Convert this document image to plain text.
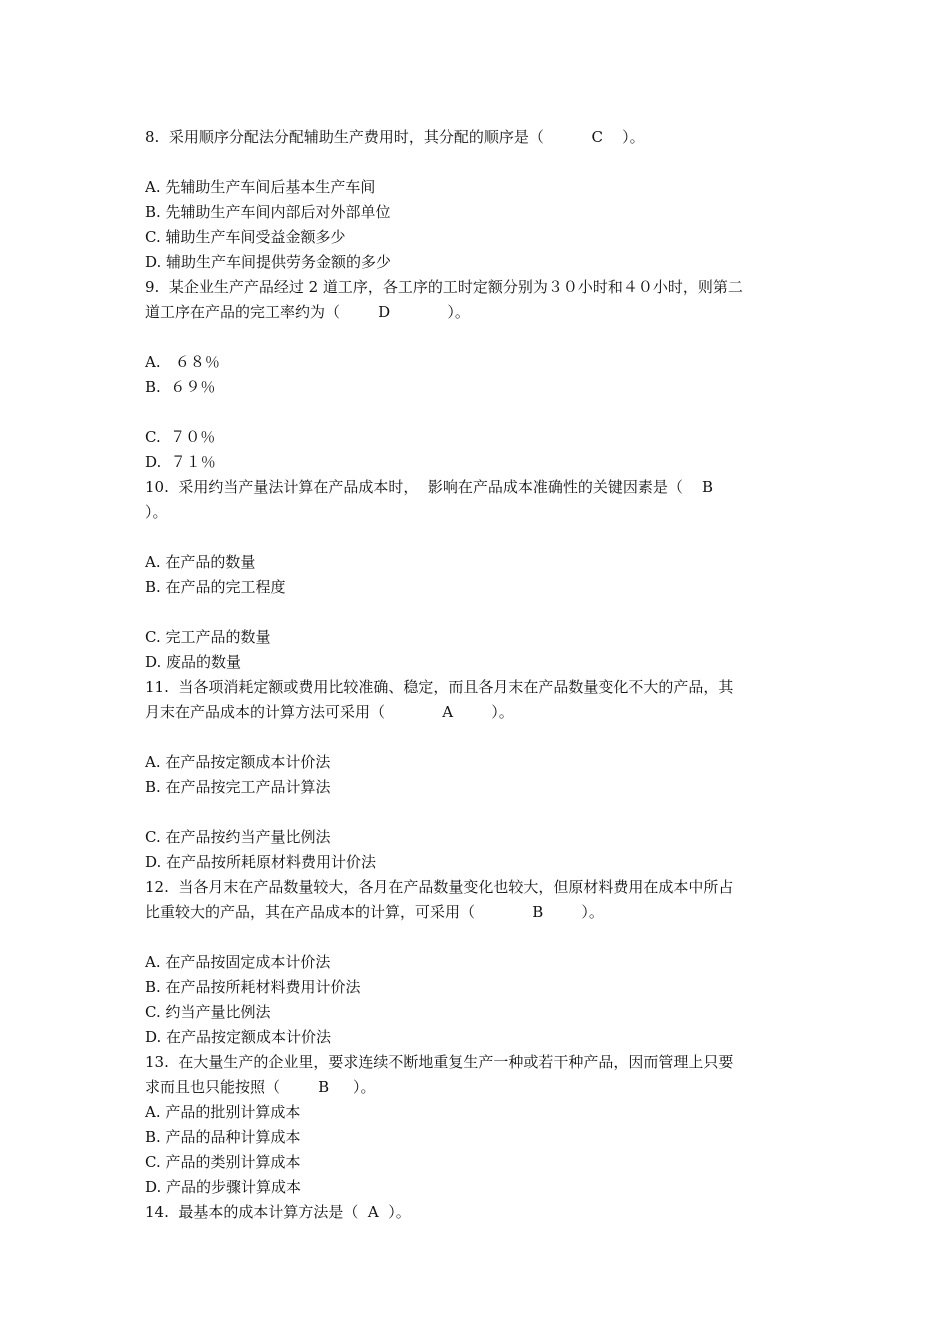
8.  采用顺序分配法分配辅助生产费用时，其分配的顺序是（          C    ）。
A. 先辅助生产车间后基本生产车间
B. 先辅助生产车间内部后对外部单位
C. 辅助生产车间受益金额多少
D. 辅助生产车间提供劳务金额的多少
9.  某企业生产产品经过 2 道工序，各工序的工时定额分别为３０小时和４０小时，则第二
道工序在产品的完工率约为（        D            ）。
A.   ６８％
B.  ６９％
C.  ７０％
D.  ７１％
10.  采用约当产量法计算在产品成本时，  影响在产品成本准确性的关键因素是（    B
）。
A. 在产品的数量
B. 在产品的完工程度
C. 完工产品的数量
D. 废品的数量
11.  当各项消耗定额或费用比较准确、稳定，而且各月末在产品数量变化不大的产品，其
月末在产品成本的计算方法可采用（            A        ）。
A. 在产品按定额成本计价法
B. 在产品按完工产品计算法
C. 在产品按约当产量比例法
D. 在产品按所耗原材料费用计价法
12.  当各月末在产品数量较大，各月在产品数量变化也较大，但原材料费用在成本中所占
比重较大的产品，其在产品成本的计算，可采用（            B        ）。
A. 在产品按固定成本计价法
B. 在产品按所耗材料费用计价法
C. 约当产量比例法
D. 在产品按定额成本计价法
13.  在大量生产的企业里，要求连续不断地重复生产一种或若干种产品，因而管理上只要
求而且也只能按照（        B     ）。
A. 产品的批别计算成本
B. 产品的品种计算成本
C. 产品的类别计算成本
D. 产品的步骤计算成本
14.  最基本的成本计算方法是（  A  ）。
